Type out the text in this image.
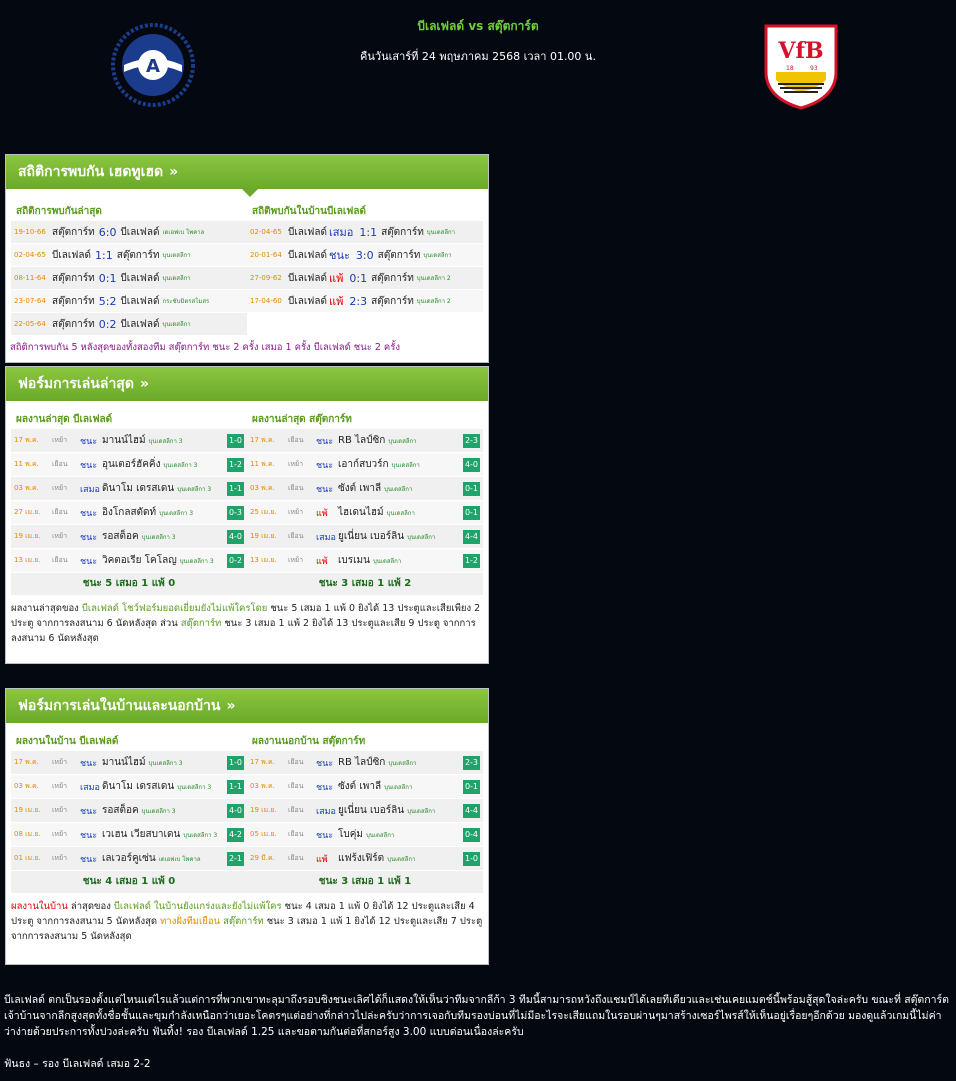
A
บีเลเฟลด์ vs สตุ๊ตการ์ต
คืนวันเสาร์ที่ 24 พฤษภาคม 2568 เวลา 01.00 น.	VfB
18	93
สถิติการพบกัน เฮดทูเฮด »
สถิติการพบกันล่าสุด
19-10-66 สตุ๊ตการ์ท 6:0 บีเลเฟลด์ เดเอฟเบ โพคาล
02-04-65 บีเลเฟลด์ 1:1 สตุ๊ตการ์ท บุนเดสลีกา
08-11-64 สตุ๊ตการ์ท 0:1 บีเลเฟลด์ บุนเดสลีกา
23-07-64 สตุ๊ตการ์ท 5:2 บีเลเฟลด์ กระชับมิตรสโมสร
22-05-64 สตุ๊ตการ์ท 0:2 บีเลเฟลด์ บุนเดสลีกา
สถิติพบกันในบ้านบีเลเฟลด์
02-04-65 บีเลเฟลด์ เสมอ 1:1 สตุ๊ตการ์ท บุนเดสลีกา
20-01-64 บีเลเฟลด์ ชนะ 3:0 สตุ๊ตการ์ท บุนเดสลีกา
27-09-62 บีเลเฟลด์ แพ้ 0:1 สตุ๊ตการ์ท บุนเดสลีกา 2
17-04-60 บีเลเฟลด์ แพ้ 2:3 สตุ๊ตการ์ท บุนเดสลีกา 2
สถิติการพบกัน 5 หลังสุดของทั้งสองทีม สตุ๊ตการ์ท ชนะ 2 ครั้ง เสมอ 1 ครั้ง บีเลเฟลด์ ชนะ 2 ครั้ง
ฟอร์มการเล่นล่าสุด »
ผลงานล่าสุด บีเลเฟลด์
17 พ.ค.	เหย้า	ชนะ มานน์ไฮม์ บุนเดสลีกา 3	1-0
11 พ.ค.	เยือน	ชนะ อุนเตอร์ฮัคคิ่ง บุนเดสลีกา 3	1-2
03 พ.ค.	เหย้า	เสมอ ดินาโม เดรสเดน บุนเดสลีกา 3 1-1
27 เม.ย.	เยือน	ชนะ อิงโกลสตัดท์ บุนเดสลีกา 3	0-3
19 เม.ย.	เหย้า	ชนะ รอสต็อค บุนเดสลีกา 3	4-0
13 เม.ย.	เยือน	ชนะ วิคตอเรีย โคโลญ บุนเดสลีกา 3 0-2
ชนะ 5 เสมอ 1 แพ้ 0
ผลงานล่าสุด สตุ๊ตการ์ท
17 พ.ค.	เยือน	ชนะ RB ไลป์ซิก บุนเดสลีกา	2-3
11 พ.ค.	เหย้า	ชนะ เอาก์สบวร์ก บุนเดสลีกา	4-0
03 พ.ค.	เยือน	ชนะ ซังต์ เพาลี บุนเดสลีกา	0-1
25 เม.ย.	เหย้า	แพ้	ไฮเดนไฮม์ บุนเดสลีกา	0-1
19 เม.ย.	เยือน	เสมอ ยูเนี่ยน เบอร์ลิน บุนเดสลีกา	4-4
13 เม.ย.	เหย้า	แพ้	เบรเมน บุนเดสลีกา	1-2
ชนะ 3 เสมอ 1 แพ้ 2
ผลงานล่าสุดของ บีเลเฟลด์ โชว์ฟอร์มยอดเยี่ยมยังไม่แพ้ใครโดย ชนะ 5 เสมอ 1 แพ้ 0 ยิงได้ 13 ประตูและเสียเพียง 2 ประตู จากการลงสนาม 6 นัดหลังสุด ส่วน สตุ๊ตการ์ท ชนะ 3 เสมอ 1 แพ้ 2 ยิงได้ 13 ประตูและเสีย 9 ประตู จากการลงสนาม 6 นัดหลังสุด
ฟอร์มการเล่นในบ้านและนอกบ้าน »
ผลงานในบ้าน บีเลเฟลด์
17 พ.ค.	เหย้า	ชนะ มานน์ไฮม์ บุนเดสลีกา 3	1-0
03 พ.ค.	เหย้า	เสมอ ดินาโม เดรสเดน บุนเดสลีกา 3 1-1
19 เม.ย.	เหย้า	ชนะ รอสต็อค บุนเดสลีกา 3	4-0
08 เม.ย.	เหย้า	ชนะ เวเฮน เวียสบาเดน บุนเดสลีกา 3 4-2
01 เม.ย.	เหย้า	ชนะ เลเวอร์คูเซ่น เดเอฟเบ โพคาล	2-1
ชนะ 4 เสมอ 1 แพ้ 0
ผลงานนอกบ้าน สตุ๊ตการ์ท
17 พ.ค.	เยือน	ชนะ RB ไลป์ซิก บุนเดสลีกา	2-3
03 พ.ค.	เยือน	ชนะ ซังต์ เพาลี บุนเดสลีกา	0-1
19 เม.ย.	เยือน	เสมอ ยูเนี่ยน เบอร์ลิน บุนเดสลีกา	4-4
05 เม.ย.	เยือน	ชนะ โบคุ่ม บุนเดสลีกา	0-4
29 มี.ค.	เยือน	แพ้	แฟร้งเฟิร์ต บุนเดสลีกา	1-0
ชนะ 3 เสมอ 1 แพ้ 1
ผลงานในบ้าน ล่าสุดของ บีเลเฟลด์ ในบ้านยังแกร่งและยังไม่แพ้ใคร ชนะ 4 เสมอ 1 แพ้ 0 ยิงได้ 12 ประตูและเสีย 4 ประตู จากการลงสนาม 5 นัดหลังสุด ทางฝั่งทีมเยือน สตุ๊ตการ์ท ชนะ 3 เสมอ 1 แพ้ 1 ยิงได้ 12 ประตูและเสีย 7 ประตู จากการลงสนาม 5 นัดหลังสุด
บีเลเฟลด์ ตกเป็นรองตั้งแต่ไหนแต่ไรแล้วแต่การที่พวกเขาทะลุมาถึงรอบชิงชนะเลิศได้ก็แสดงให้เห็นว่าทีมจากลีก้า 3 ทีมนี้สามารถหวังถึงแชมป์ได้เลยทีเดียวและเช่นเคยแมตช์นี้พร้อมสู้สุดใจล่ะครับ ขณะที่ สตุ๊ตการ์ต เจ้าบ้านจากลีกสูงสุดทั้งชื่อชั้นและขุมกำลังเหนือกว่าเยอะโคตรๆแต่อย่างที่กล่าวไปล่ะครับว่าการเจอกับทีมรองบ่อนที่ไม่มีอะไรจะเสียแถมในรอบผ่านๆมาสร้างเซอร์ไพรส์ให้เห็นอยู่เรื่อยๆอีกด้วย มองดูแล้วเกมนี้ไม่ค่าว่าง่ายด้วยประการทั้งปวงล่ะครับ ฟันทิ้ง! รอง บีเลเฟลด์ 1.25 และขอตามกันต่อที่สกอร์สูง 3.00 แบบด่อนเนื่องล่ะครับ
ฟันธง – รอง บีเลเฟลด์ เสมอ 2-2
